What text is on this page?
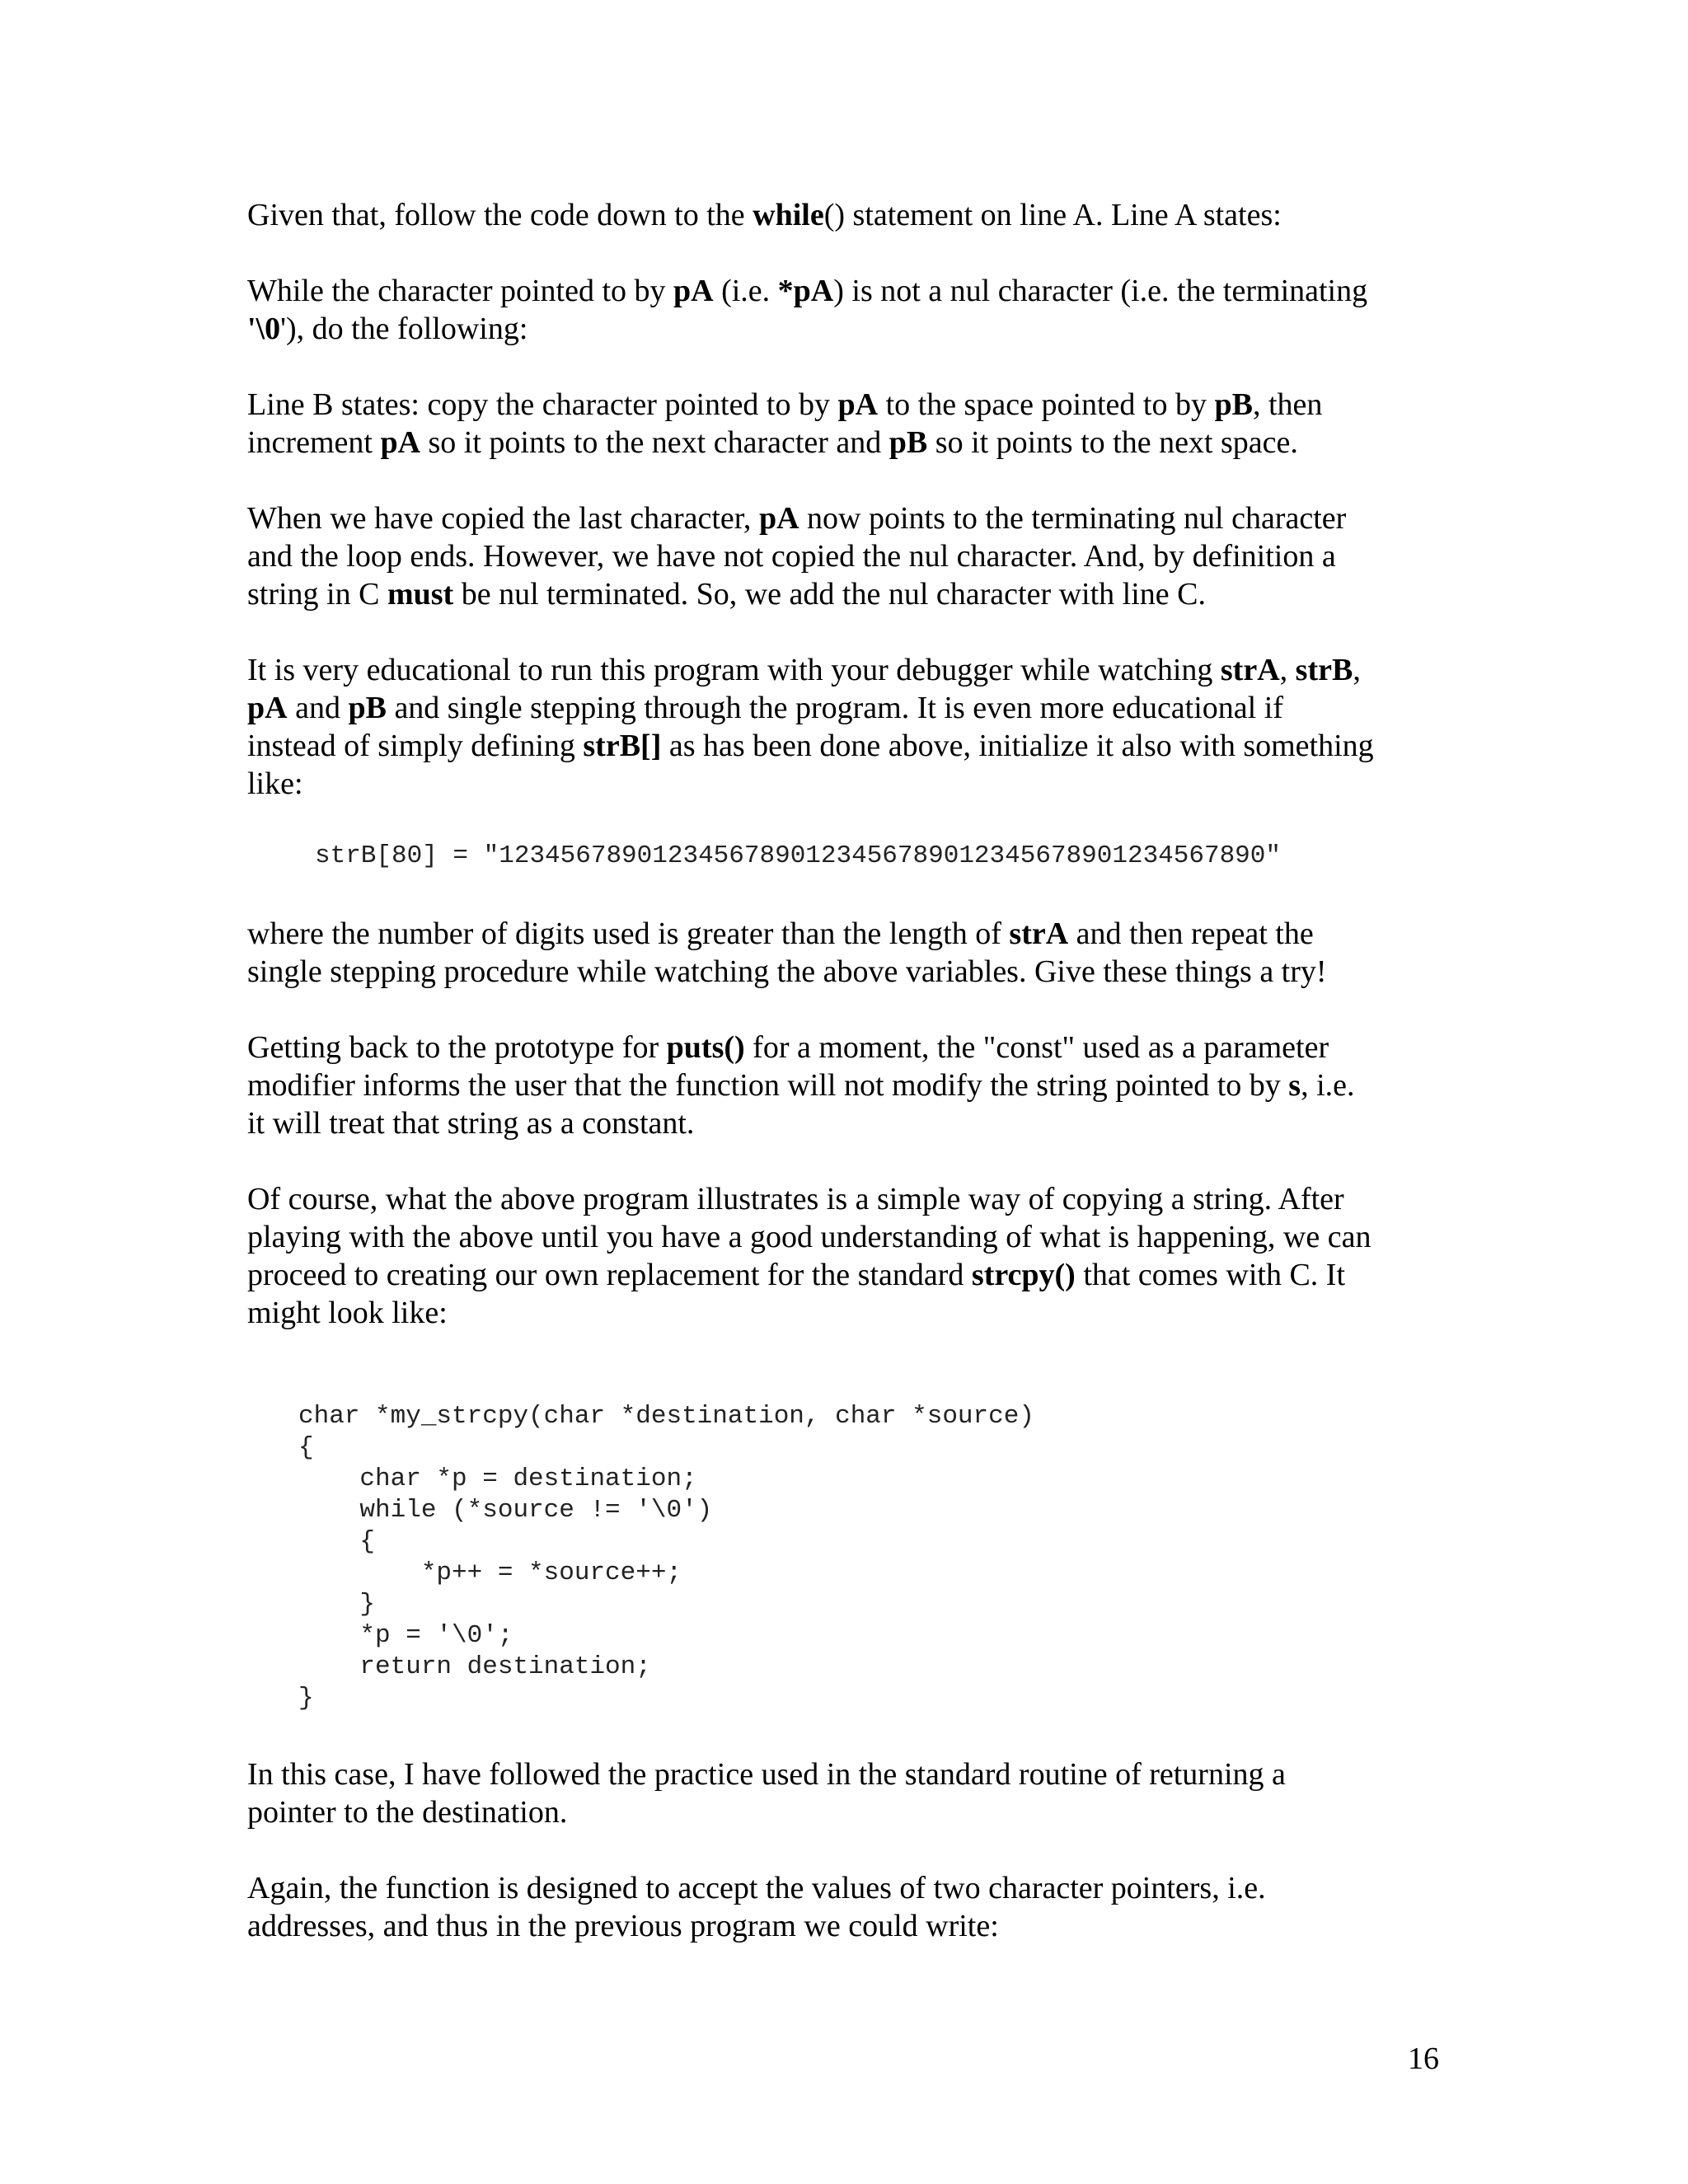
Given that, follow the code down to the while() statement on line A. Line A states:

While the character pointed to by pA (i.e. *pA) is not a nul character (i.e. the terminating
'\0'), do the following:

Line B states: copy the character pointed to by pA to the space pointed to by pB, then
increment pA so it points to the next character and pB so it points to the next space.

When we have copied the last character, pA now points to the terminating nul character
and the loop ends. However, we have not copied the nul character. And, by definition a
string in C must be nul terminated. So, we add the nul character with line C.

It is very educational to run this program with your debugger while watching strA, strB,
pA and pB and single stepping through the program. It is even more educational if
instead of simply defining strB[] as has been done above, initialize it also with something
like:

strB[80] = "12345678901234567890123456789012345678901234567890"

where the number of digits used is greater than the length of strA and then repeat the
single stepping procedure while watching the above variables. Give these things a try!

Getting back to the prototype for puts() for a moment, the "const" used as a parameter
modifier informs the user that the function will not modify the string pointed to by s, i.e.
it will treat that string as a constant.

Of course, what the above program illustrates is a simple way of copying a string. After
playing with the above until you have a good understanding of what is happening, we can
proceed to creating our own replacement for the standard strcpy() that comes with C. It
might look like:

char *my_strcpy(char *destination, char *source)
{
char *p = destination;
while (*source != '\0')
{
*p++ = *source++;
}
*p = '\0';
return destination;
}

In this case, I have followed the practice used in the standard routine of returning a
pointer to the destination.

Again, the function is designed to accept the values of two character pointers, i.e.
addresses, and thus in the previous program we could write:

16
